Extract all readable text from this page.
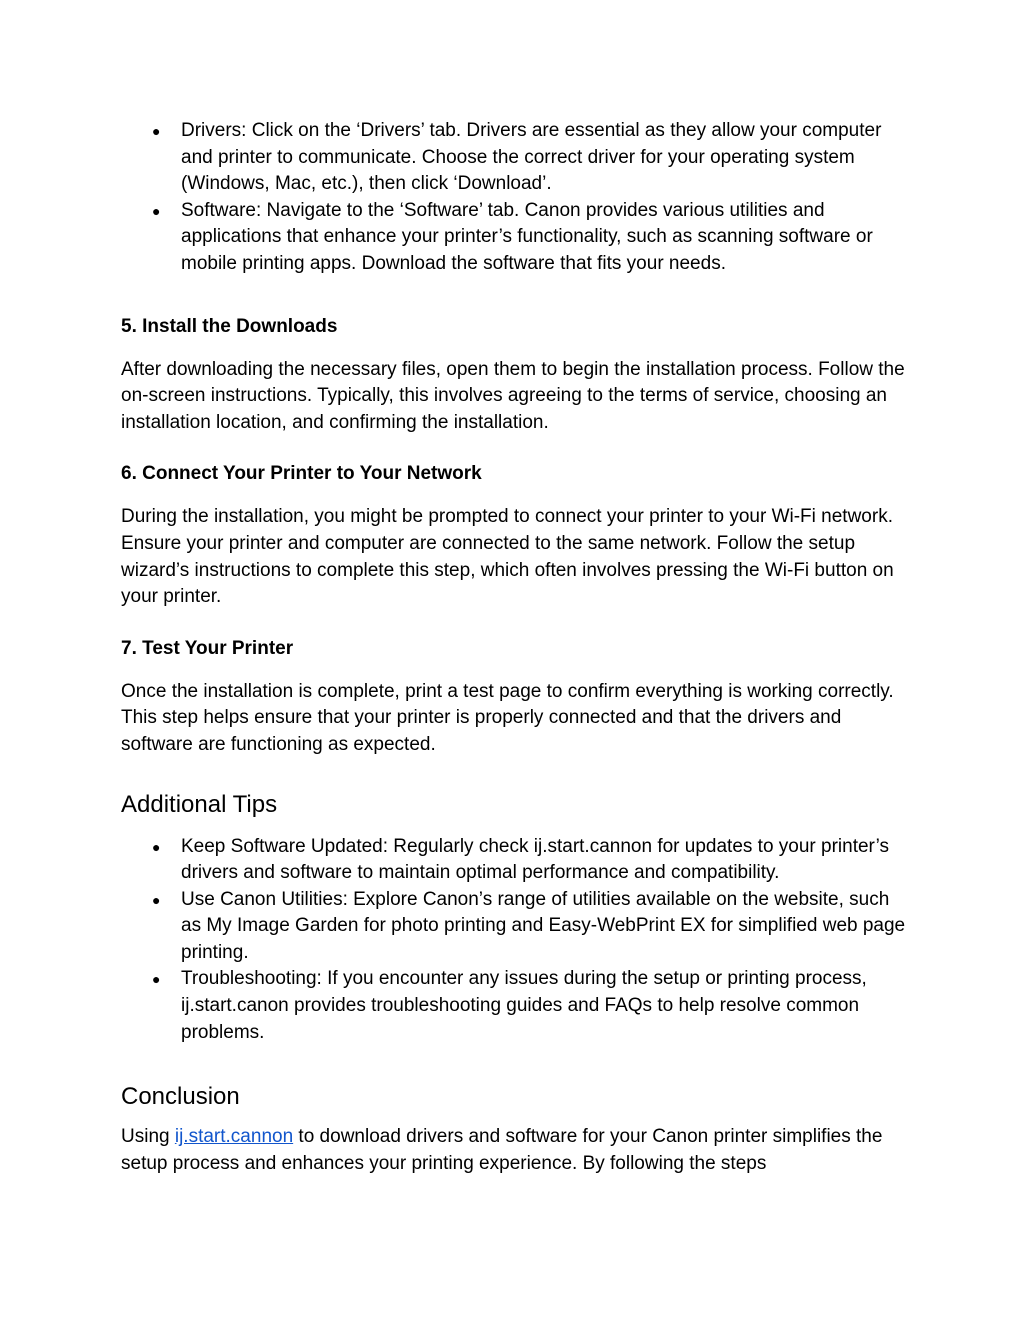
● Drivers: Click on the ‘Drivers’ tab. Drivers are essential as they allow your computer and printer to communicate. Choose the correct driver for your operating system (Windows, Mac, etc.), then click ‘Download’.
● Software: Navigate to the ‘Software’ tab. Canon provides various utilities and applications that enhance your printer’s functionality, such as scanning software or mobile printing apps. Download the software that fits your needs.
5. Install the Downloads

After downloading the necessary files, open them to begin the installation process. Follow the on-screen instructions. Typically, this involves agreeing to the terms of service, choosing an installation location, and confirming the installation.

6. Connect Your Printer to Your Network

During the installation, you might be prompted to connect your printer to your Wi-Fi network. Ensure your printer and computer are connected to the same network. Follow the setup wizard’s instructions to complete this step, which often involves pressing the Wi-Fi button on your printer.

7. Test Your Printer

Once the installation is complete, print a test page to confirm everything is working correctly. This step helps ensure that your printer is properly connected and that the drivers and software are functioning as expected.

Additional Tips
● Keep Software Updated: Regularly check ij.start.cannon for updates to your printer’s drivers and software to maintain optimal performance and compatibility.
● Use Canon Utilities: Explore Canon’s range of utilities available on the website, such as My Image Garden for photo printing and Easy-WebPrint EX for simplified web page printing.
● Troubleshooting: If you encounter any issues during the setup or printing process, ij.start.canon provides troubleshooting guides and FAQs to help resolve common problems.
Conclusion

Using ij.start.cannon to download drivers and software for your Canon printer simplifies the setup process and enhances your printing experience. By following the steps
